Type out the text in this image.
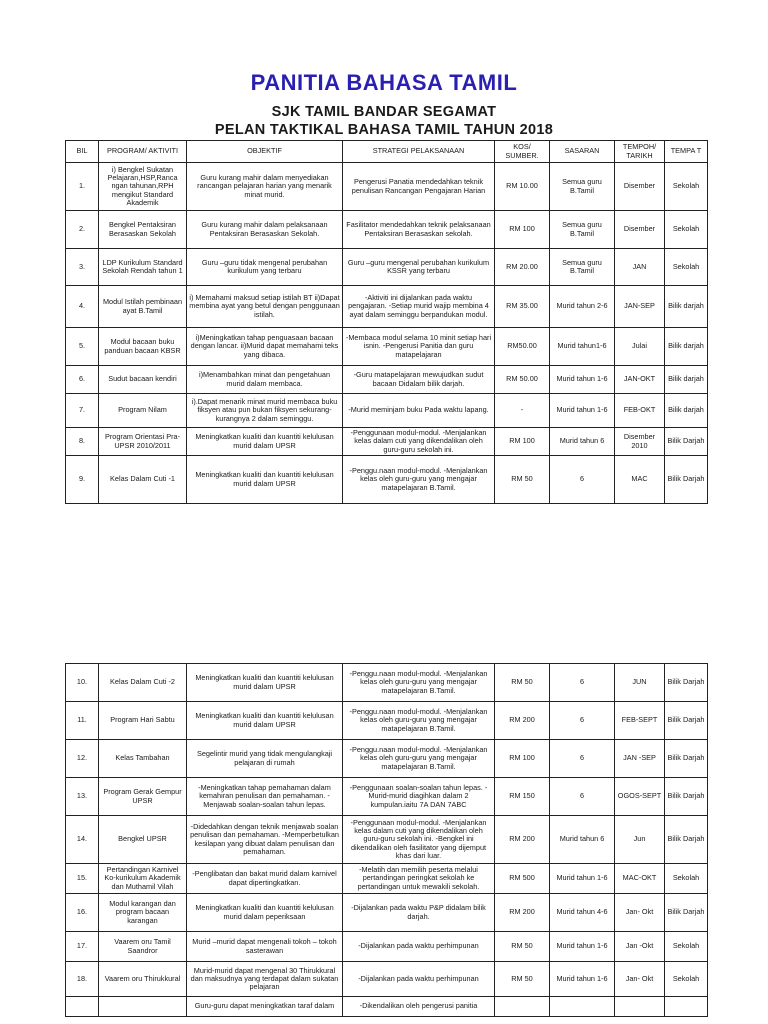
PANITIA BAHASA TAMIL
SJK TAMIL BANDAR SEGAMAT
PELAN TAKTIKAL BAHASA TAMIL TAHUN 2018
BIL	PROGRAM/ AKTIVITI	OBJEKTIF	STRATEGI PELAKSANAAN	KOS/ SUMBER.	SASARAN	TEMPOH/ TARIKH	TEMPA T
1.	i) Bengkel Sukatan Pelajaran,HSP,Ranca ngan tahunan,RPH mengikut Standard Akademik	Guru kurang mahir dalam menyediakan rancangan pelajaran harian yang menarik minat murid.	Pengerusi Panatia mendedahkan teknik penulisan Rancangan Pengajaran Harian	RM 10.00	Semua guru B.Tamil	Disember	Sekolah
2.	Bengkel Pentaksiran Berasaskan Sekolah	Guru kurang mahir dalam pelaksanaan Pentaksiran Berasaskan Sekolah.	Fasilitator mendedahkan teknik pelaksanaan Pentaksiran Berasaskan sekolah.	RM 100	Semua guru B.Tamil	Disember	Sekolah
3.	LDP Kurikulum Standard Sekolah Rendah tahun 1	Guru –guru tidak mengenal perubahan kurikulum yang terbaru	Guru –guru mengenal perubahan kurikulum KSSR yang terbaru	RM 20.00	Semua guru B.Tamil	JAN	Sekolah
4.	Modul Istilah pembinaan ayat B.Tamil	i) Memahami maksud setiap istilah BT ii)Dapat membina ayat yang betul dengan penggunaan istilah.	-Aktiviti ini dijalankan pada waktu pengajaran. -Setiap murid wajip membina 4 ayat dalam seminggu berpandukan modul.	RM 35.00	Murid tahun 2-6	JAN-SEP	Bilik darjah
5.	Modul bacaan buku panduan bacaan KBSR	i)Meningkatkan tahap penguasaan bacaan dengan lancar. ii)Murid dapat memahami teks yang dibaca.	-Membaca modul selama 10 minit setiap hari isnin. -Pengerusi Panitia dan guru matapelajaran	RM50.00	Murid tahun1-6	Julai	Bilik darjah
6.	Sudut bacaan kendiri	i)Menambahkan minat dan pengetahuan murid dalam membaca.	-Guru matapelajaran mewujudkan sudut bacaan Didalam bilik darjah.	RM 50.00	Murid tahun 1-6	JAN-OKT	Bilik darjah
7.	Program Nilam	i).Dapat menarik minat murid membaca buku fiksyen atau pun bukan fiksyen sekurang- kurangnya 2 dalam seminggu.	-Murid meminjam buku Pada waktu lapang.	-	Murid tahun 1-6	FEB-OKT	Bilik darjah
8.	Program Orientasi Pra- UPSR 2010/2011	Meningkatkan kualiti dan kuantiti kelulusan murid dalam UPSR	-Penggunaan modul-modul. -Menjalankan kelas dalam cuti yang dikendalikan oleh guru-guru sekolah ini.	RM 100	Murid tahun 6	Disember 2010	Bilik Darjah
9.	Kelas Dalam Cuti -1	Meningkatkan kualiti dan kuantiti kelulusan murid dalam UPSR	-Penggu.naan modul-modul. -Menjalankan kelas oleh guru-guru yang mengajar matapelajaran B.Tamil.	RM 50	6	MAC	Bilik Darjah
10.	Kelas Dalam Cuti -2	Meningkatkan kualiti dan kuantiti kelulusan murid dalam UPSR	-Penggu.naan modul-modul. -Menjalankan kelas oleh guru-guru yang mengajar matapelajaran B.Tamil.	RM 50	6	JUN	Bilik Darjah
11.	Program Hari Sabtu	Meningkatkan kualiti dan kuantiti kelulusan murid dalam UPSR	-Penggu.naan modul-modul. -Menjalankan kelas oleh guru-guru yang mengajar matapelajaran B.Tamil.	RM 200	6	FEB-SEPT	Bilik Darjah
12.	Kelas Tambahan	Segelintir murid yang tidak mengulangkaji pelajaran di rumah	-Penggu.naan modul-modul. -Menjalankan kelas oleh guru-guru yang mengajar matapelajaran B.Tamil.	RM 100	6	JAN -SEP	Bilik Darjah
13.	Program Gerak Gempur UPSR	-Meningkatkan tahap pemahaman dalam kemahiran penulisan dan pemahaman. -Menjawab soalan-soalan tahun lepas.	-Penggunaan soalan-soalan tahun lepas. -Murid-murid diagihkan dalam 2 kumpulan.iaitu 7A DAN 7ABC	RM 150	6	OGOS-SEPT	Bilik Darjah
14.	Bengkel UPSR	-Didedahkan dengan teknik menjawab soalan penulisan dan pemahaman. -Memperbetulkan kesilapan yang dibuat dalam penulisan dan pemahaman.	-Penggunaan modul-modul. -Menjalankan kelas dalam cuti yang dikendalikan oleh guru-guru sekolah ini. -Bengkel ini dikendalikan oleh fasilitator yang dijemput khas dari luar.	RM 200	Murid tahun 6	Jun	Bilik Darjah
15.	Pertandingan Karnivel Ko-kurikulum Akademik dan Muthamil Vilah	-Penglibatan dan bakat murid dalam karnivel dapat dipertingkatkan.	-Melatih dan memilih peserta melalui pertandingan peringkat sekolah ke pertandingan untuk mewakili sekolah.	RM 500	Murid tahun 1-6	MAC-OKT	Sekolah
16.	Modul karangan dan program bacaan karangan	Meningkatkan kualiti dan kuantiti kelulusan murid dalam peperiksaan	-Dijalankan pada waktu P&P didalam bilik darjah.	RM 200	Murid tahun 4-6	Jan- Okt	Bilik Darjah
17.	Vaarem oru Tamil Saandror	Murid –murid dapat mengenali tokoh – tokoh sasterawan	-Dijalankan pada waktu perhimpunan	RM 50	Murid tahun 1-6	Jan -Okt	Sekolah
18.	Vaarem oru Thirukkural	Murid-murid dapat mengenal 30 Thirukkural dan maksudnya yang terdapat dalam sukatan pelajaran	-Dijalankan pada waktu perhimpunan	RM 50	Murid tahun 1-6	Jan- Okt	Sekolah
		Guru-guru dapat meningkatkan taraf dalam	-Dikendalikan oleh pengerusi panitia				
